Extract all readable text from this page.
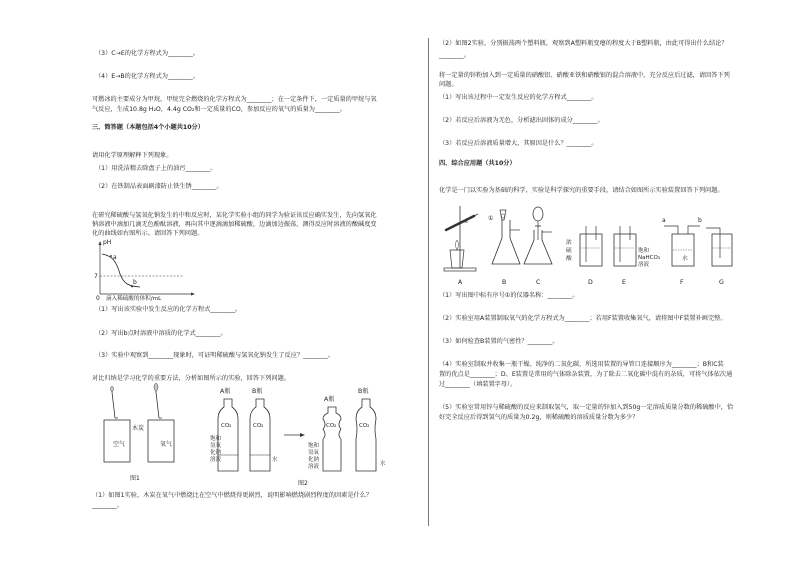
（3）C→E的化学方程式为________。
（4）E→B的化学方程式为________。
可燃冰的主要成分为甲烷，甲烷完全燃烧的化学方程式为________；在一定条件下，一定质量的甲烷与氧
气反应，生成10.8g H₂O，4.4g CO₂和一定质量的CO，参加反应的氧气的质量为________。
三、简答题（本题包括4个小题共10分）
请用化学原理解释下列现象。
（1）用洗洁精去除盘子上的油污________。
（2）在铁制品表面刷漆防止铁生锈________。
在研究稀硫酸与氢氧化钠发生的中和反应时，某化学实验小组的同学为验证该反应确实发生，先向氢氧化
钠溶液中滴加几滴无色酚酞溶液，再向其中逐滴滴加稀硫酸，边滴加边振荡，测得反应时溶液的酸碱度变
化的曲线如右图所示。请回答下列问题。
pH
7
a
b
0 滴入稀硫酸的体积/mL
（1）写出该实验中发生反应的化学方程式________。
（2）写出b点时溶液中溶质的化学式________。
（3）实验中观察到________现象时，可证明稀硫酸与氢氧化钠发生了反应？________。
对比归纳是学习化学的重要方法，分析如图所示的实验，回答下列问题。
空气
木炭
氧气
图1
A瓶	B瓶
CO₂	CO₂
饱和氢氧化钠溶液	水
A瓶
B瓶
CO₂	CO₂
饱和氢氧化钠溶液	水
图2
（1）如图1实验，木炭在氧气中燃烧比在空气中燃烧得更剧烈，说明影响燃烧剧烈程度的因素是什么？
________。
（2）如图2实验，分别振荡两个塑料瓶，观察到A塑料瓶变瘪的程度大于B塑料瓶，由此可得出什么结论？
________。
将一定量的锌粉加入到一定质量的硝酸铝、硝酸亚铁和硝酸银的混合溶液中，充分反应后过滤，请回答下列
问题。
（1）写出该过程中一定发生反应的化学方程式________。
（2）若反应后溶液为无色，分析滤出固体的成分________。
（3）若反应后溶液质量增大，其原因是什么？________。
四、综合应用题（共10分）
化学是一门以实验为基础的科学，实验是科学探究的重要手段。请结合如图所示实验装置回答下列问题。
①
浓硫酸
饱和 NaHCO₃ 溶液
a	b
水
A	B	C	D	E	F	G
（1）写出图中标有序号①的仪器名称：________。
（2）实验室用A装置制取氧气的化学方程式为________；若用F装置收集氧气，请将图中F装置补画完整。
（3）如何检查B装置的气密性？________。
（4）实验室制取并收集一瓶干燥、纯净的二氧化碳，所选用装置的导管口连接顺序为________；B和C装
置的优点是________；D、E装置是常用的气体除杂装置，为了除去二氧化碳中混有的杂质，可将气体依次通
过________（填装置字母）。
（5）实验室常用锌与稀硫酸的反应来制取氢气，取一定量的锌加入到50g一定溶质质量分数的稀硫酸中，恰
好完全反应后得到氢气的质量为0.2g，则稀硫酸的溶质质量分数为多少？
